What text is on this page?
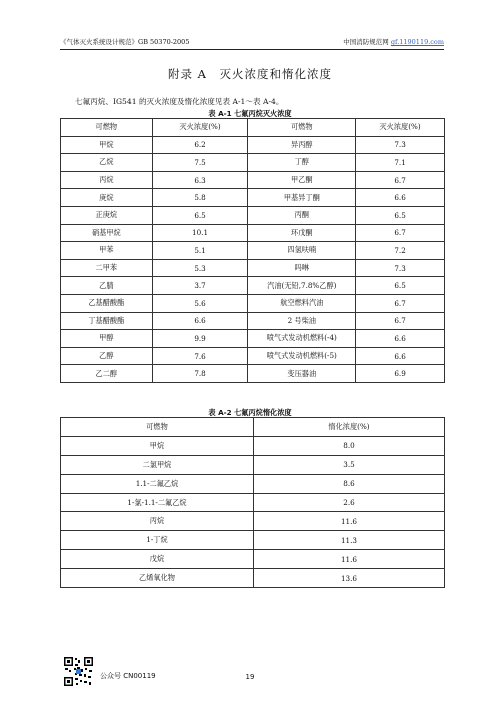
《气体灭火系统设计规范》GB 50370-2005	中国消防规范网 gf.1190119.com
附录 A　灭火浓度和惰化浓度
七氟丙烷、IG541 的灭火浓度及惰化浓度见表 A-1～表 A-4。
表 A-1 七氟丙烷灭火浓度
可燃物	灭火浓度(%)	可燃物	灭火浓度(%)
甲烷	6.2	异丙醇	7.3
乙烷	7.5	丁醇	7.1
丙烷	6.3	甲乙酮	6.7
庚烷	5.8	甲基异丁酮	6.6
正庚烷	6.5	丙酮	6.5
硝基甲烷	10.1	环戊酮	6.7
甲苯	5.1	四氢呋喃	7.2
二甲苯	5.3	吗啉	7.3
乙腈	3.7	汽油(无铅,7.8%乙醇)	6.5
乙基醋酸酯	5.6	航空燃料汽油	6.7
丁基醋酸酯	6.6	2 号柴油	6.7
甲醇	9.9	喷气式发动机燃料(-4)	6.6
乙醇	7.6	喷气式发动机燃料(-5)	6.6
乙二醇	7.8	变压器油	6.9
表 A-2 七氟丙烷惰化浓度
可燃物	惰化浓度(%)
甲烷	8.0
二氯甲烷	3.5
1.1-二氟乙烷	8.6
1-氯-1.1-二氟乙烷	2.6
丙烷	11.6
1-丁烷	11.3
戊烷	11.6
乙烯氧化物	13.6
公众号 CN00119	19
